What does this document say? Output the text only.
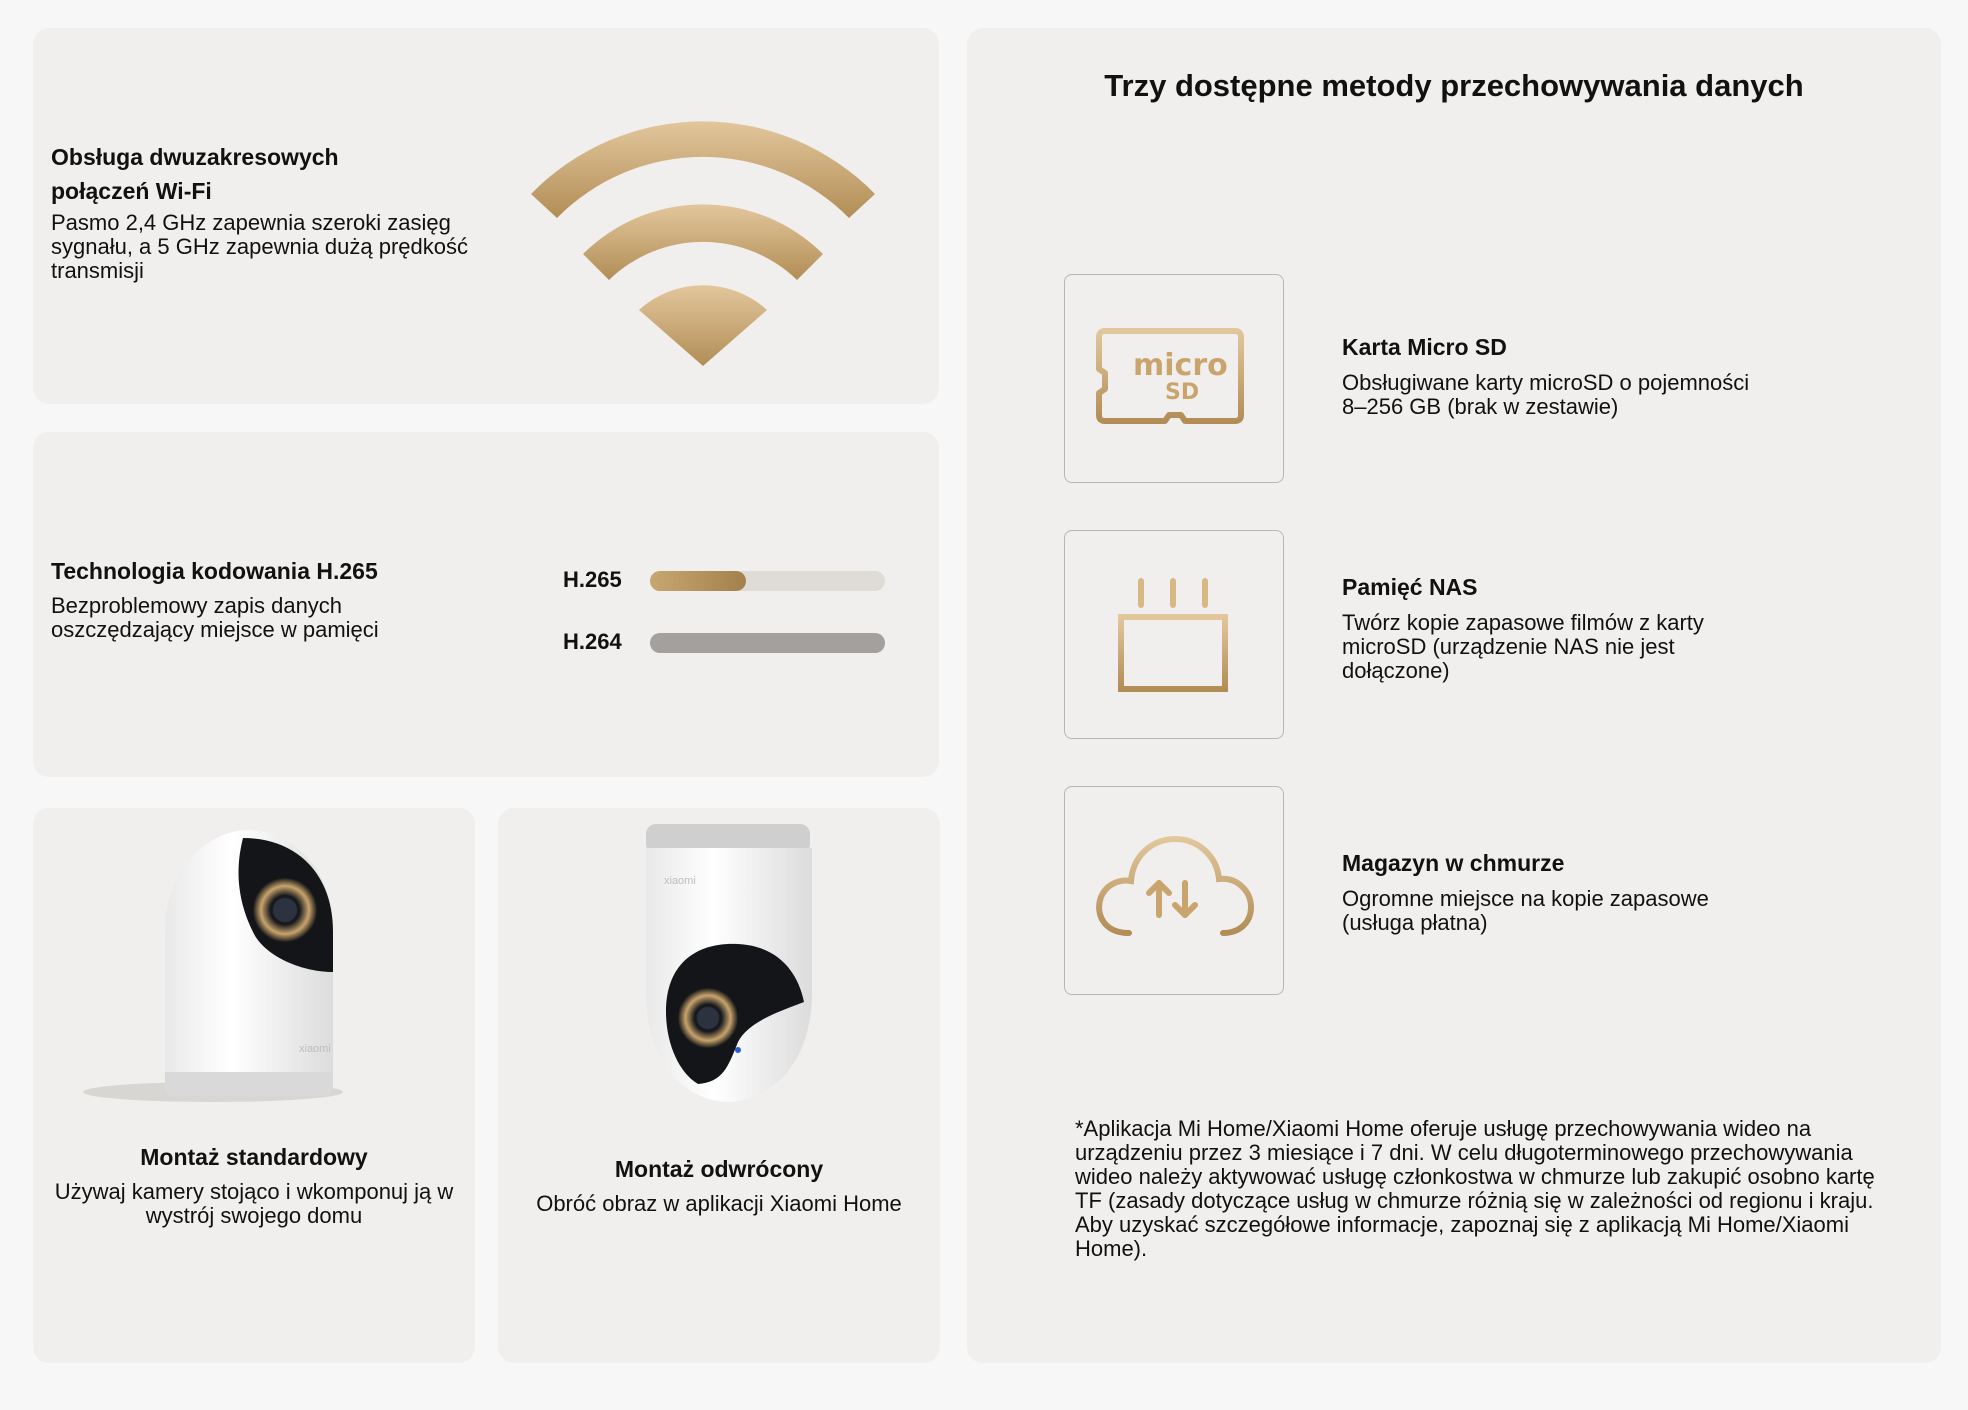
Obsługa dwuzakresowych połączeń Wi-Fi
Pasmo 2,4 GHz zapewnia szeroki zasięg sygnału, a 5 GHz zapewnia dużą prędkość transmisji
Technologia kodowania H.265
Bezproblemowy zapis danych oszczędzający miejsce w pamięci
H.265
H.264
xiaomi
Montaż standardowy
Używaj kamery stojąco i wkomponuj ją w wystrój swojego domu
xiaomi
Montaż odwrócony
Obróć obraz w aplikacji Xiaomi Home
Trzy dostępne metody przechowywania danych
micro
SD
Karta Micro SD
Obsługiwane karty microSD o pojemności 8–256 GB (brak w zestawie)
Pamięć NAS
Twórz kopie zapasowe filmów z karty microSD (urządzenie NAS nie jest dołączone)
Magazyn w chmurze
Ogromne miejsce na kopie zapasowe (usługa płatna)
*Aplikacja Mi Home/Xiaomi Home oferuje usługę przechowywania wideo na urządzeniu przez 3 miesiące i 7 dni. W celu długoterminowego przechowywania wideo należy aktywować usługę członkostwa w chmurze lub zakupić osobno kartę TF (zasady dotyczące usług w chmurze różnią się w zależności od regionu i kraju. Aby uzyskać szczegółowe informacje, zapoznaj się z aplikacją Mi Home/Xiaomi Home).
